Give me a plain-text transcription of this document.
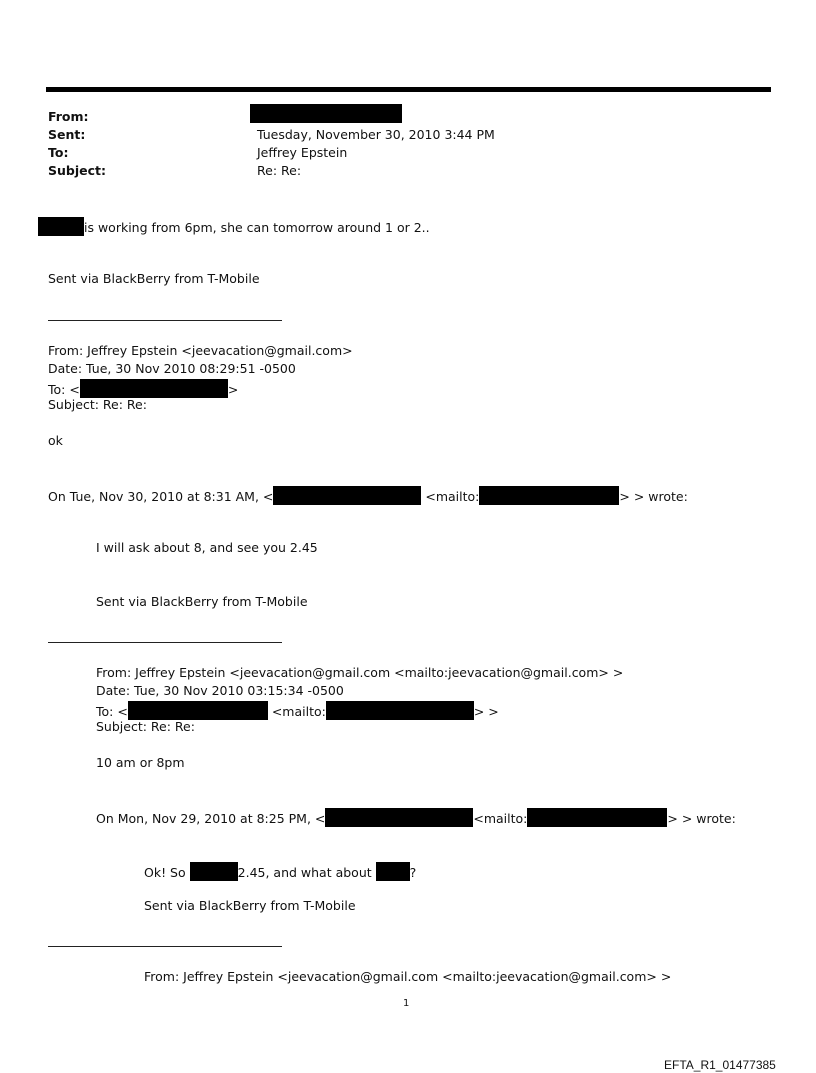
From:
Sent:	Tuesday, November 30, 2010 3:44 PM
To:	Jeffrey Epstein
Subject:	Re: Re:
is working from 6pm, she can tomorrow around 1 or 2..
Sent via BlackBerry from T-Mobile
From: Jeffrey Epstein <jeevacation@gmail.com>
Date: Tue, 30 Nov 2010 08:29:51 -0500
To: <	>
Subject: Re: Re:
ok
On Tue, Nov 30, 2010 at 8:31 AM, <	<mailto:	> > wrote:
I will ask about 8, and see you 2.45
Sent via BlackBerry from T-Mobile
From: Jeffrey Epstein <jeevacation@gmail.com <mailto:jeevacation@gmail.com> >
Date: Tue, 30 Nov 2010 03:15:34 -0500
To: <	<mailto:	> >
Subject: Re: Re:
10 am or 8pm
On Mon, Nov 29, 2010 at 8:25 PM, <	<mailto:	> > wrote:
Ok! So	2.45, and what about	?
Sent via BlackBerry from T-Mobile
From: Jeffrey Epstein <jeevacation@gmail.com <mailto:jeevacation@gmail.com> >
1
EFTA_R1_01477385
